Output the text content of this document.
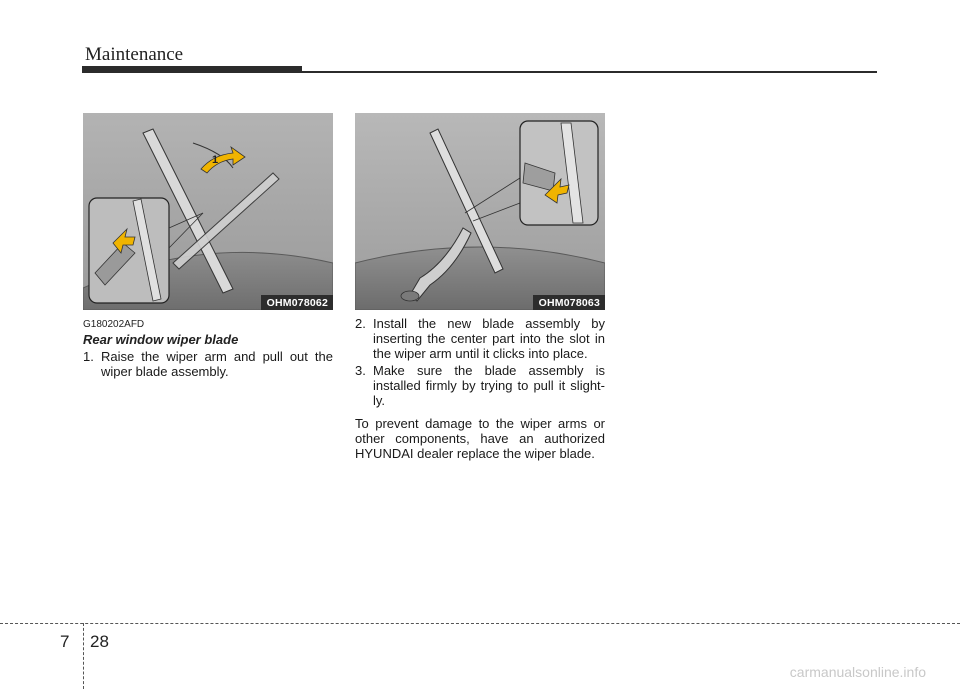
Maintenance
1
OHM078062	OHM078063
G180202AFD
Rear window wiper blade
1. Raise the wiper arm and pull out the wiper blade assembly.
2. Install the new blade assembly by inserting the center part into the slot in the wiper arm until it clicks into place.
3. Make sure the blade assembly is installed firmly by trying to pull it slight-ly.
To prevent damage to the wiper arms or other components, have an authorized HYUNDAI dealer replace the wiper blade.
7 28
carmanualsonline.info
